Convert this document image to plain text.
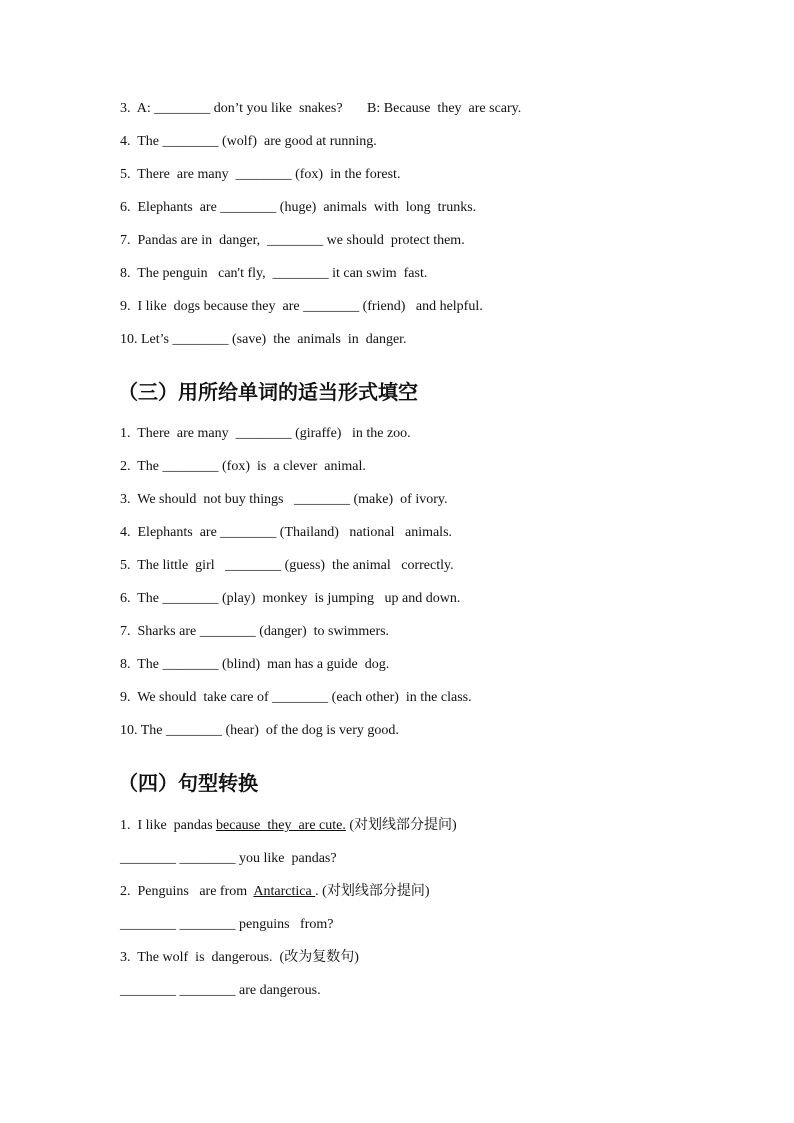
3.  A: ________ don’t you like  snakes?       B: Because  they  are scary.
4.  The ________ (wolf)  are good at running.
5.  There  are many  ________ (fox)  in the forest.
6.  Elephants  are ________ (huge)  animals  with  long  trunks.
7.  Pandas are in  danger,  ________ we should  protect them.
8.  The penguin   can't fly,  ________ it can swim  fast.
9.  I like  dogs because they  are ________ (friend)   and helpful.
10. Let’s ________ (save)  the  animals  in  danger.
（三）用所给单词的适当形式填空
1.  There  are many  ________ (giraffe)   in the zoo.
2.  The ________ (fox)  is  a clever  animal.
3.  We should  not buy things   ________ (make)  of ivory.
4.  Elephants  are ________ (Thailand)   national   animals.
5.  The little  girl   ________ (guess)  the animal   correctly.
6.  The ________ (play)  monkey  is jumping   up and down.
7.  Sharks are ________ (danger)  to swimmers.
8.  The ________ (blind)  man has a guide  dog.
9.  We should  take care of ________ (each other)  in the class.
10. The ________ (hear)  of the dog is very good.
（四）句型转换
1.  I like  pandas because  they  are cute. (对划线部分提问)
________ ________ you like  pandas?
2.  Penguins   are from  Antarctica . (对划线部分提问)
________ ________ penguins   from?
3.  The wolf  is  dangerous.  (改为复数句)
________ ________ are dangerous.
